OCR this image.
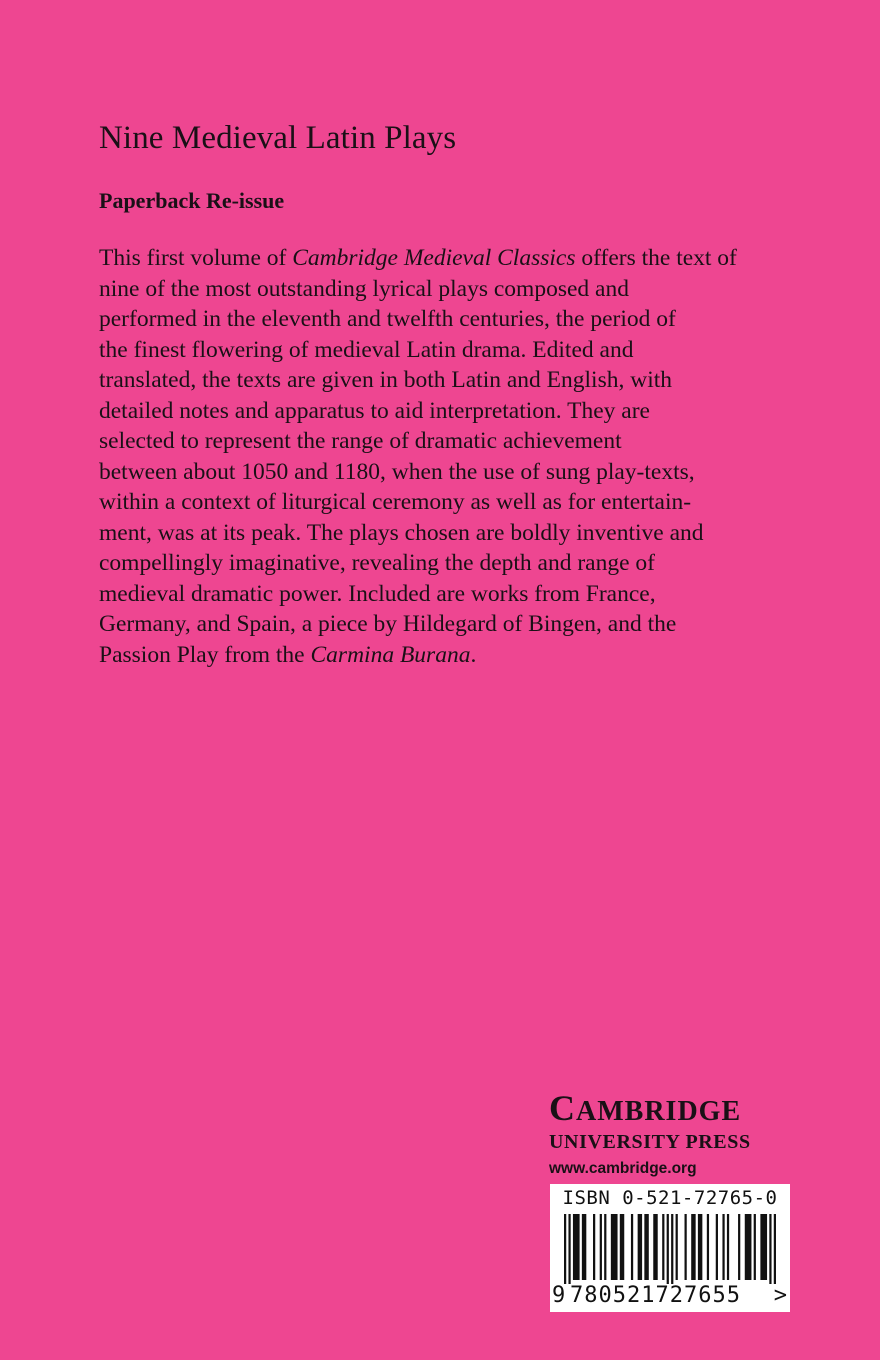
Nine Medieval Latin Plays
Paperback Re-issue
This first volume of Cambridge Medieval Classics offers the text of
nine of the most outstanding lyrical plays composed and
performed in the eleventh and twelfth centuries, the period of
the finest flowering of medieval Latin drama. Edited and
translated, the texts are given in both Latin and English, with
detailed notes and apparatus to aid interpretation. They are
selected to represent the range of dramatic achievement
between about 1050 and 1180, when the use of sung play-texts,
within a context of liturgical ceremony as well as for entertain-
ment, was at its peak. The plays chosen are boldly inventive and
compellingly imaginative, revealing the depth and range of
medieval dramatic power. Included are works from France,
Germany, and Spain, a piece by Hildegard of Bingen, and the
Passion Play from the Carmina Burana.
CAMBRIDGE
UNIVERSITY PRESS
www.cambridge.org
ISBN 0-521-72765-0
9 780521727655 >
